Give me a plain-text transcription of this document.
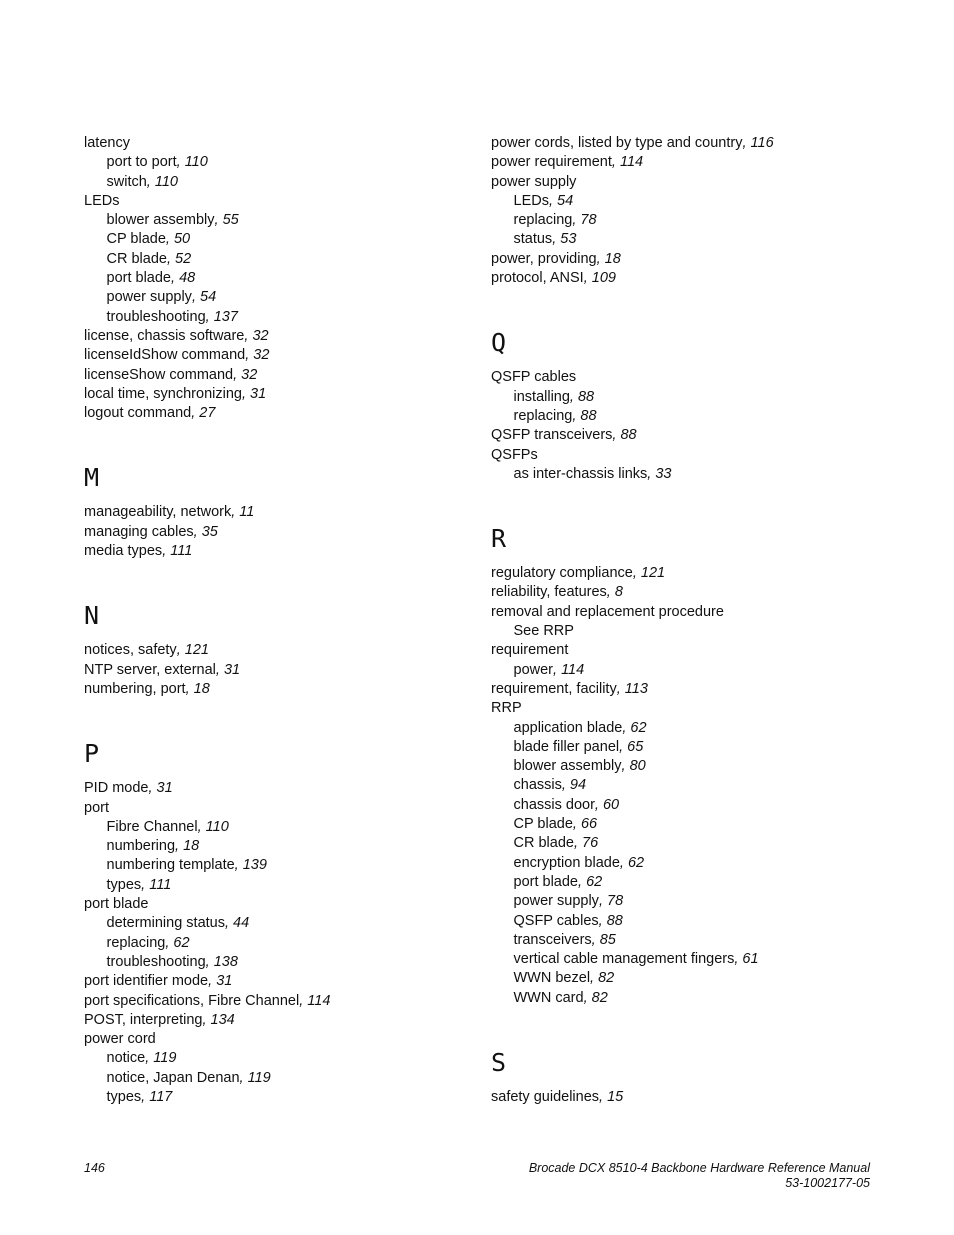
latency
port to port, 110
switch, 110
LEDs
blower assembly, 55
CP blade, 50
CR blade, 52
port blade, 48
power supply, 54
troubleshooting, 137
license, chassis software, 32
licenseIdShow command, 32
licenseShow command, 32
local time, synchronizing, 31
logout command, 27
M
manageability, network, 11
managing cables, 35
media types, 111
N
notices, safety, 121
NTP server, external, 31
numbering, port, 18
P
PID mode, 31
port
Fibre Channel, 110
numbering, 18
numbering template, 139
types, 111
port blade
determining status, 44
replacing, 62
troubleshooting, 138
port identifier mode, 31
port specifications, Fibre Channel, 114
POST, interpreting, 134
power cord
notice, 119
notice, Japan Denan, 119
types, 117
power cords, listed by type and country, 116
power requirement, 114
power supply
LEDs, 54
replacing, 78
status, 53
power, providing, 18
protocol, ANSI, 109
Q
QSFP cables
installing, 88
replacing, 88
QSFP transceivers, 88
QSFPs
as inter-chassis links, 33
R
regulatory compliance, 121
reliability, features, 8
removal and replacement procedure
See RRP
requirement
power, 114
requirement, facility, 113
RRP
application blade, 62
blade filler panel, 65
blower assembly, 80
chassis, 94
chassis door, 60
CP blade, 66
CR blade, 76
encryption blade, 62
port blade, 62
power supply, 78
QSFP cables, 88
transceivers, 85
vertical cable management fingers, 61
WWN bezel, 82
WWN card, 82
S
safety guidelines, 15
146	Brocade DCX 8510-4 Backbone Hardware Reference Manual
53-1002177-05
